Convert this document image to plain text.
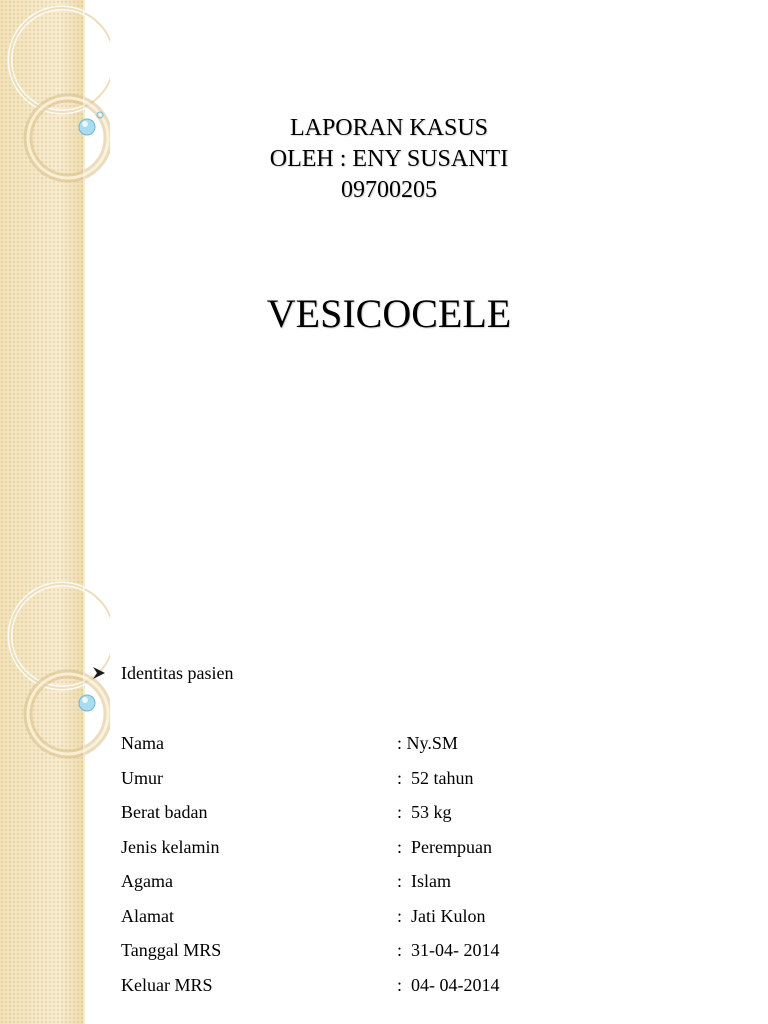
LAPORAN KASUS
OLEH : ENY SUSANTI
09700205
VESICOCELE
Identitas pasien
Nama	: Ny.SM
Umur	:  52 tahun
Berat badan	:  53 kg
Jenis kelamin	:  Perempuan
Agama	:  Islam
Alamat	:  Jati Kulon
Tanggal MRS	:  31-04- 2014
Keluar MRS	:  04- 04-2014
